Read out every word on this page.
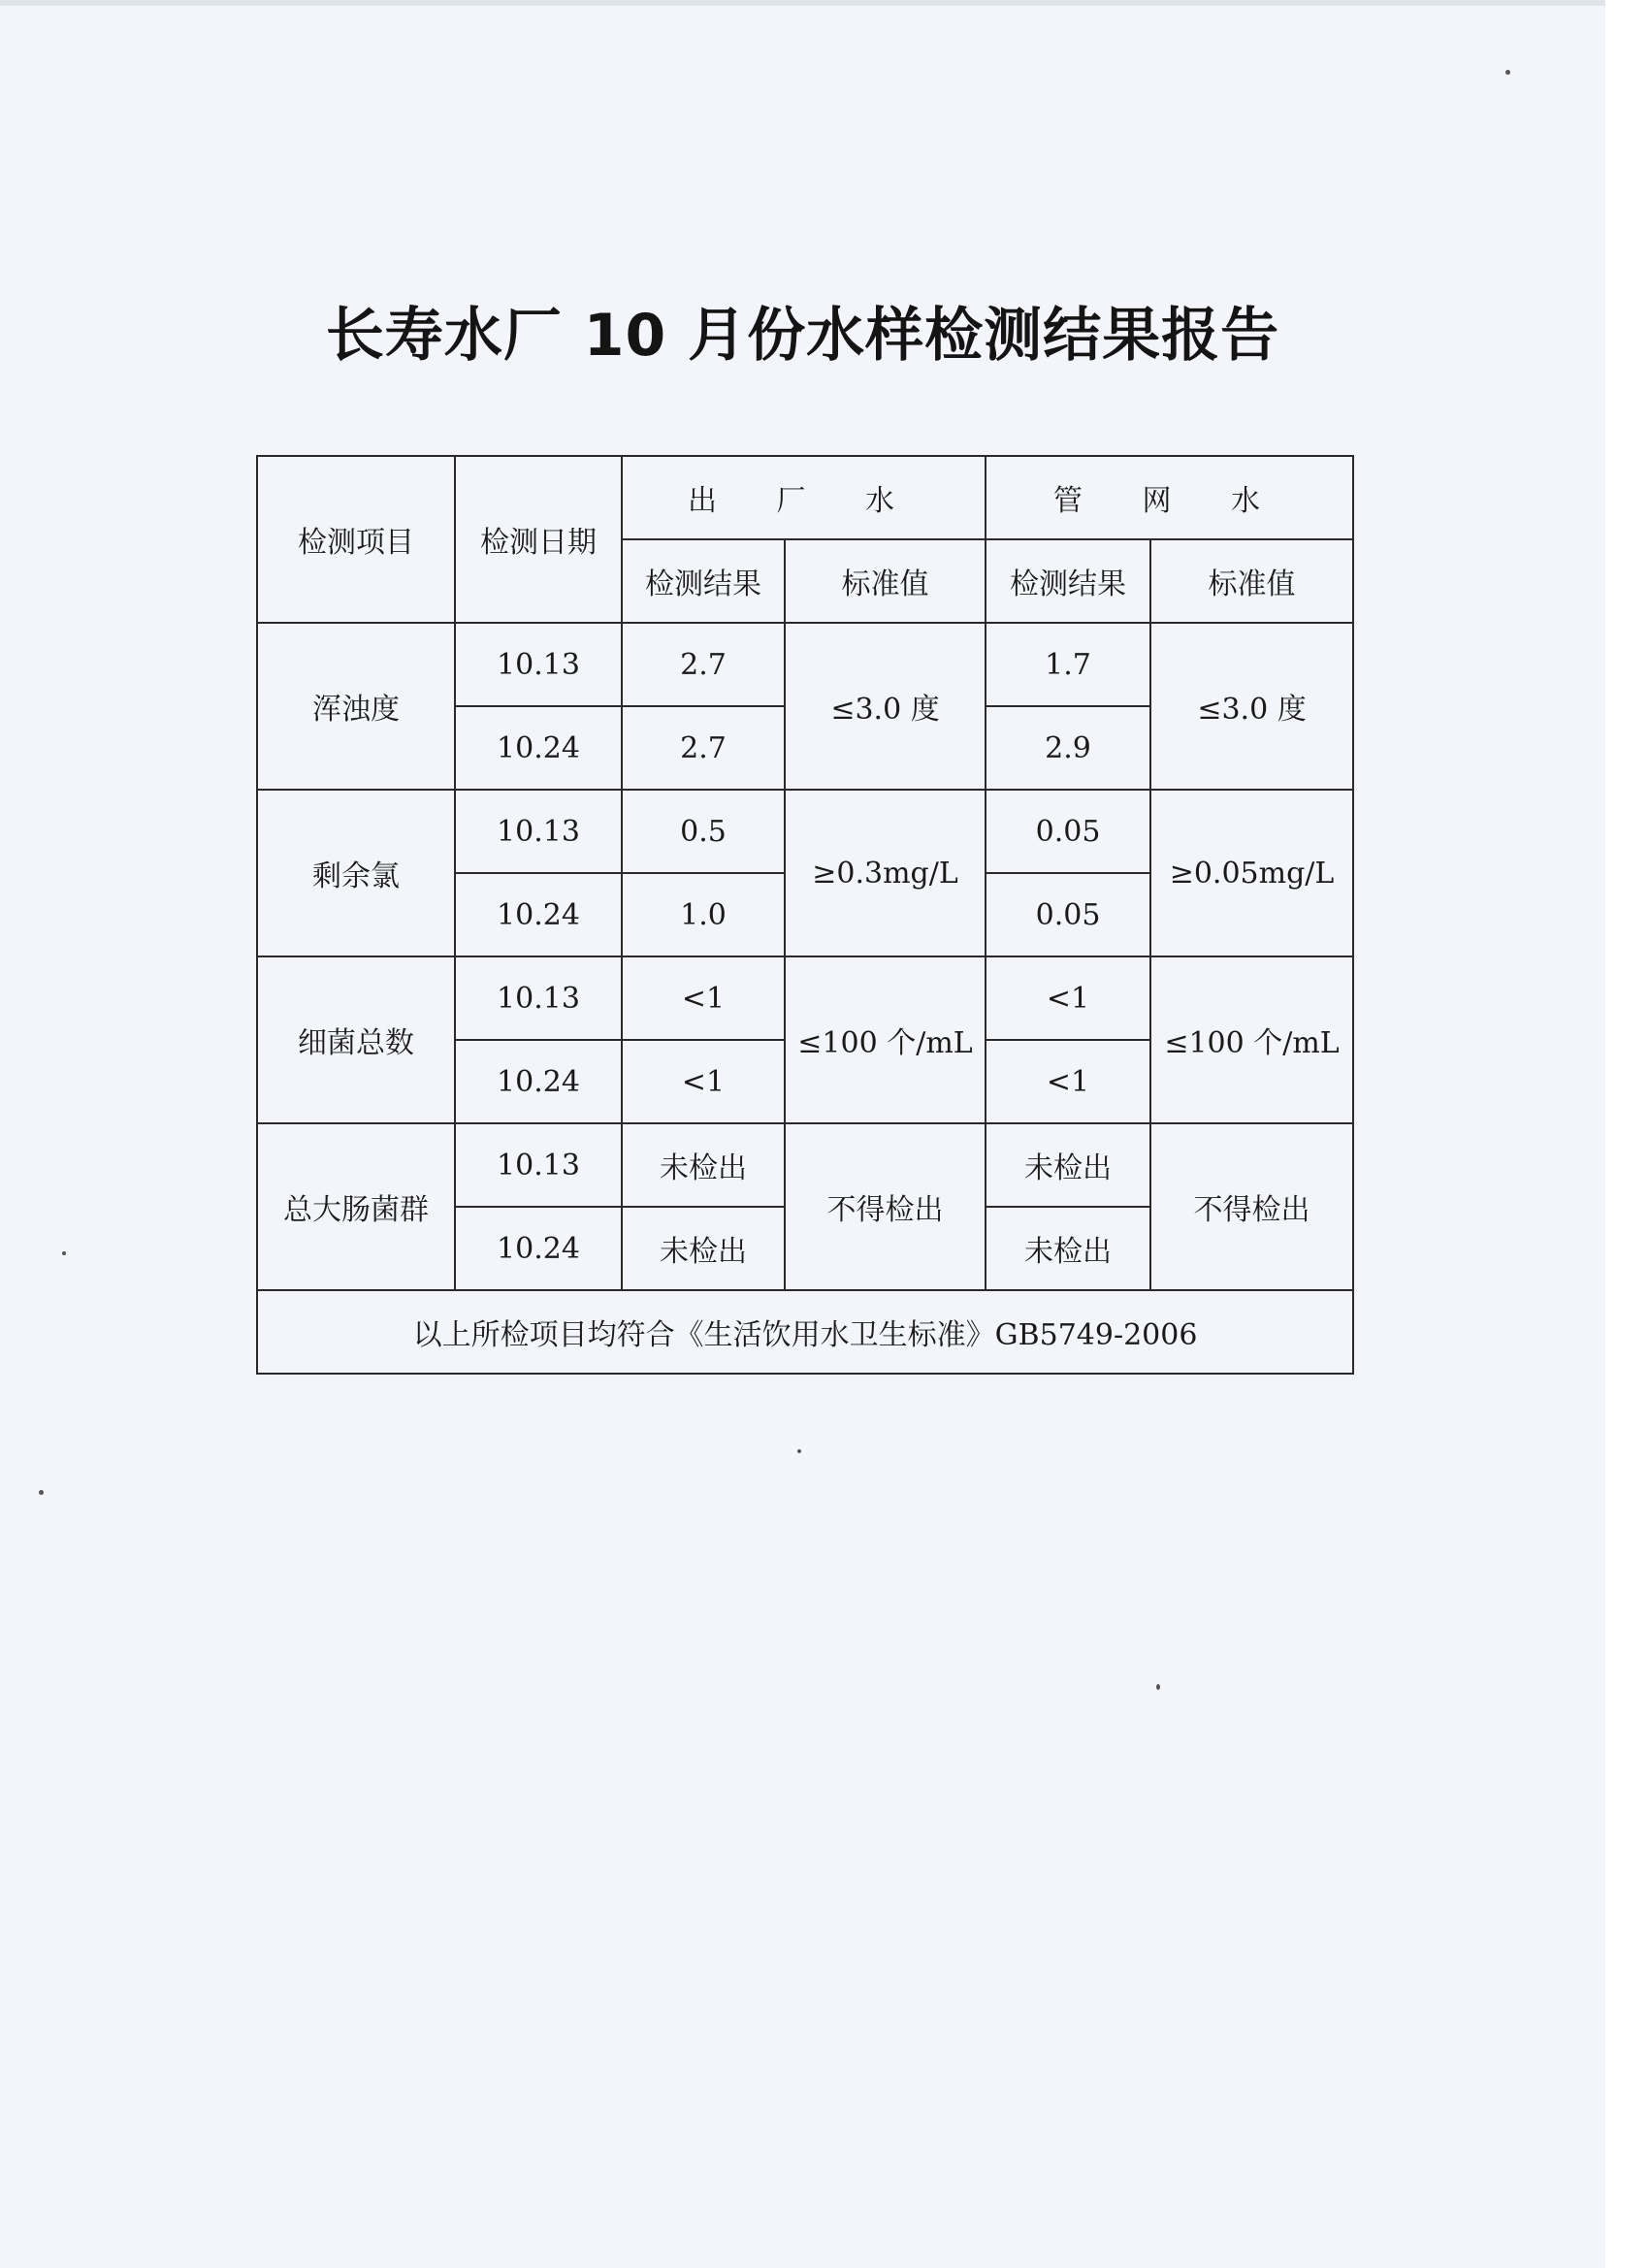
长寿水厂 10 月份水样检测结果报告
检测项目	检测日期	出 厂 水		管 网 水	
		检测结果	标准值	检测结果	标准值
浑浊度	10.13	2.7	≤3.0 度	1.7	≤3.0 度
	10.24	2.7		2.9	
剩余氯	10.13	0.5	≥0.3mg/L	0.05	≥0.05mg/L
	10.24	1.0		0.05	
细菌总数	10.13	<1	≤100 个/mL	<1	≤100 个/mL
	10.24	<1		<1	
总大肠菌群	10.13	未检出	不得检出	未检出	不得检出
	10.24	未检出		未检出	
以上所检项目均符合《生活饮用水卫生标准》GB5749-2006					
